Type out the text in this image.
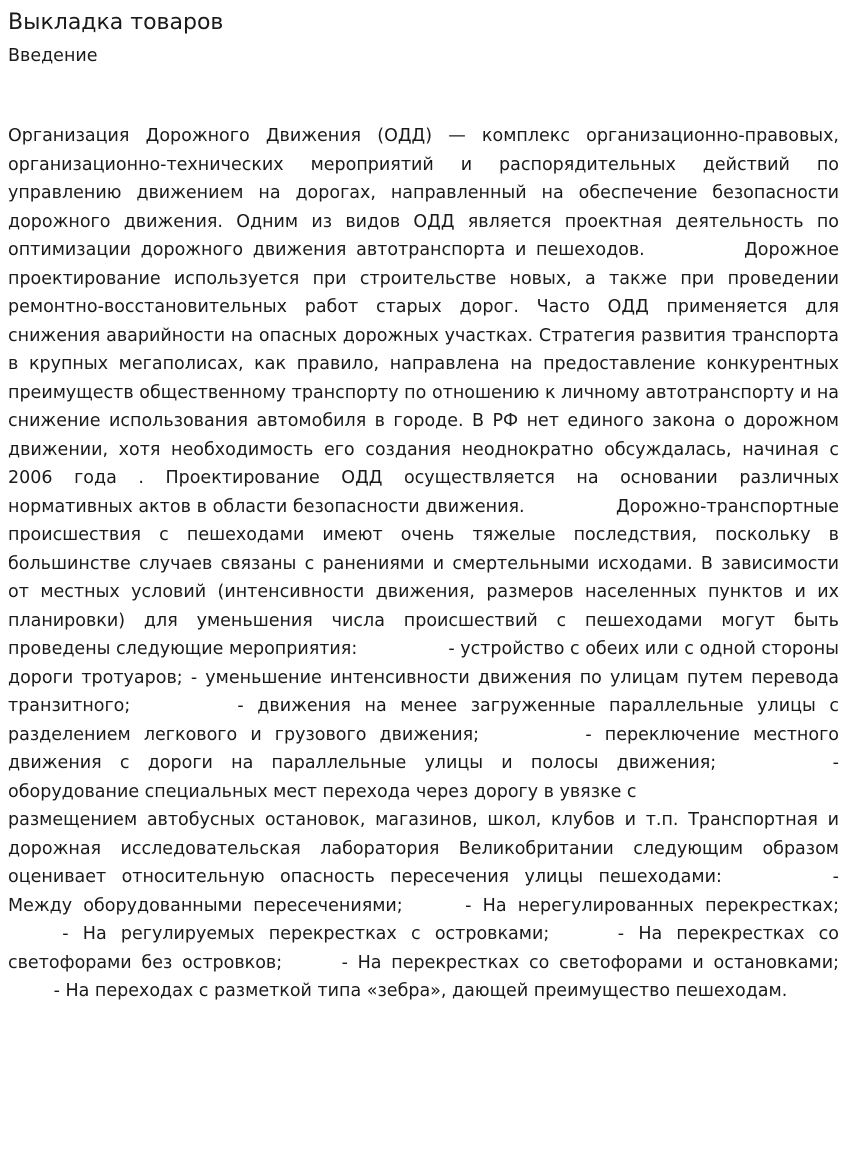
Выкладка товаров
Введение

Организация Дорожного Движения (ОДД) — комплекс организационно-правовых, организационно-технических мероприятий и распорядительных действий по управлению движением на дорогах, направленный на обеспечение безопасности дорожного движения. Одним из видов ОДД является проектная деятельность по оптимизации дорожного движения автотранспорта и пешеходов.	Дорожное проектирование используется при строительстве новых, а также при проведении ремонтно-восстановительных работ старых дорог. Часто ОДД применяется для снижения аварийности на опасных дорожных участках. Стратегия развития транспорта в крупных мегаполисах, как правило, направлена на предоставление конкурентных преимуществ общественному транспорту по отношению к личному автотранспорту и на снижение использования автомобиля в городе. В РФ нет единого закона о дорожном движении, хотя необходимость его создания неоднократно обсуждалась, начиная с 2006 года . Проектирование ОДД осуществляется на основании различных нормативных актов в области безопасности движения.	Дорожно-транспортные происшествия с пешеходами имеют очень тяжелые последствия, поскольку в большинстве случаев связаны с ранениями и смертельными исходами. В зависимости от местных условий (интенсивности движения, размеров населенных пунктов и их планировки) для уменьшения числа происшествий с пешеходами могут быть проведены следующие мероприятия:	- устройство с обеих или с одной стороны дороги тротуаров; - уменьшение интенсивности движения по улицам путем перевода транзитного;	- движения на менее загруженные параллельные улицы с разделением легкового и грузового движения;	- переключение местного движения с дороги на параллельные улицы и полосы движения;	- оборудование специальных мест перехода через дорогу в увязке с
размещением автобусных остановок, магазинов, школ, клубов и т.п. Транспортная и дорожная исследовательская лаборатория Великобритании следующим образом оценивает относительную опасность пересечения улицы пешеходами:	- Между оборудованными пересечениями;	- На нерегулированных перекрестках;  - На регулируемых перекрестках с островками;	- На перекрестках со светофорами без островков;	- На перекрестках со светофорами и остановками;  - На переходах с разметкой типа «зебра», дающей преимущество пешеходам.
